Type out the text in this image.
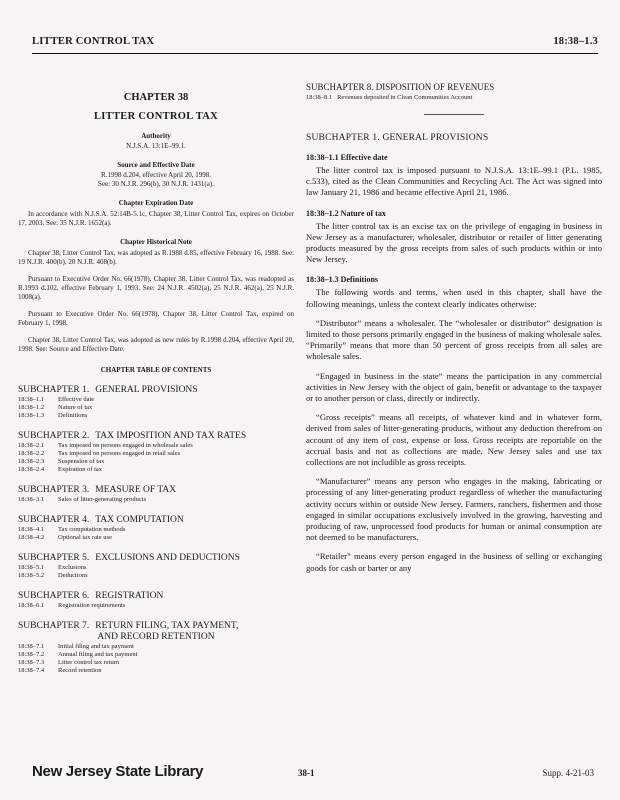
LITTER CONTROL TAX	18:38–1.3
CHAPTER 38
LITTER CONTROL TAX
Authority
N.J.S.A. 13:1E–99.1.
Source and Effective Date
R.1998 d.204, effective April 20, 1998.
See: 30 N.J.R. 296(b), 30 N.J.R. 1431(a).
Chapter Expiration Date
In accordance with N.J.S.A. 52:14B-5.1c, Chapter 38, Litter Control Tax, expires on October 17, 2003. See: 35 N.J.R. 1652(a).
Chapter Historical Note
Chapter 38, Litter Control Tax, was adopted as R.1988 d.85, effective February 16, 1988. See: 19 N.J.R. 400(b), 20 N.J.R. 408(b).
Pursuant to Executive Order No. 66(1978), Chapter 38, Litter Control Tax, was readopted as R.1993 d.102, effective February 1, 1993. See: 24 N.J.R. 4502(a), 25 N.J.R. 462(a), 25 N.J.R. 1008(a).
Pursuant to Executive Order No. 66(1978), Chapter 38, Litter Control Tax, expired on February 1, 1998.
Chapter 38, Litter Control Tax, was adopted as new rules by R.1998 d.204, effective April 20, 1998. See: Source and Effective Date.
CHAPTER TABLE OF CONTENTS
SUBCHAPTER 1. GENERAL PROVISIONS
18:38–1.1	Effective date
18:38–1.2	Nature of tax
18:38–1.3	Definitions
SUBCHAPTER 2. TAX IMPOSITION AND TAX RATES
18:38–2.1	Tax imposed on persons engaged in wholesale sales
18:38–2.2	Tax imposed on persons engaged in retail sales
18:38–2.3	Suspension of tax
18:38–2.4	Expiration of tax
SUBCHAPTER 3. MEASURE OF TAX
18:38–3.1	Sales of litter-generating products
SUBCHAPTER 4. TAX COMPUTATION
18:38–4.1	Tax computation methods
18:38–4.2	Optional tax rate use
SUBCHAPTER 5. EXCLUSIONS AND DEDUCTIONS
18:38–5.1	Exclusions
18:38–5.2	Deductions
SUBCHAPTER 6. REGISTRATION
18:38–6.1	Registration requirements
SUBCHAPTER 7. RETURN FILING, TAX PAYMENT,
AND RECORD RETENTION
18:38–7.1	Initial filing and tax payment
18:38–7.2	Annual filing and tax payment
18:38–7.3	Litter control tax return
18:38–7.4	Record retention
SUBCHAPTER 8. DISPOSITION OF REVENUES
18:38–8.1 Revenues deposited in Clean Communities Account
SUBCHAPTER 1. GENERAL PROVISIONS
18:38–1.1 Effective date
The litter control tax is imposed pursuant to N.J.S.A. 13:1E–99.1 (P.L. 1985, c.533), cited as the Clean Communities and Recycling Act. The Act was signed into law January 21, 1986 and became effective April 21, 1986.
18:38–1.2 Nature of tax
The litter control tax is an excise tax on the privilege of engaging in business in New Jersey as a manufacturer, wholesaler, distributor or retailer of litter generating products measured by the gross receipts from sales of such products within or into New Jersey.
18:38–1.3 Definitions
The following words and terms, when used in this chapter, shall have the following meanings, unless the context clearly indicates otherwise:
“Distributor” means a wholesaler. The “wholesaler or distributor” designation is limited to those persons primarily engaged in the business of making wholesale sales. “Primarily” means that more than 50 percent of gross receipts from all sales are wholesale sales.
“Engaged in business in the state” means the participation in any commercial activities in New Jersey with the object of gain, benefit or advantage to the taxpayer or to another person or class, directly or indirectly.
“Gross receipts” means all receipts, of whatever kind and in whatever form, derived from sales of litter-generating products, without any deduction therefrom on account of any item of cost, expense or loss. Gross receipts are reportable on the accrual basis and not as collections are made. New Jersey sales and use tax collections are not includible as gross receipts.
“Manufacturer” means any person who engages in the making, fabricating or processing of any litter-generating product regardless of whether the manufacturing activity occurs within or outside New Jersey. Farmers, ranchers, fishermen and those engaged in similar occupations exclusively involved in the growing, harvesting and producing of raw, unprocessed food products for human or animal consumption are not deemed to be manufacturers.
“Retailer” means every person engaged in the business of selling or exchanging goods for cash or barter or any
New Jersey State Library	38-1	Supp. 4-21-03
